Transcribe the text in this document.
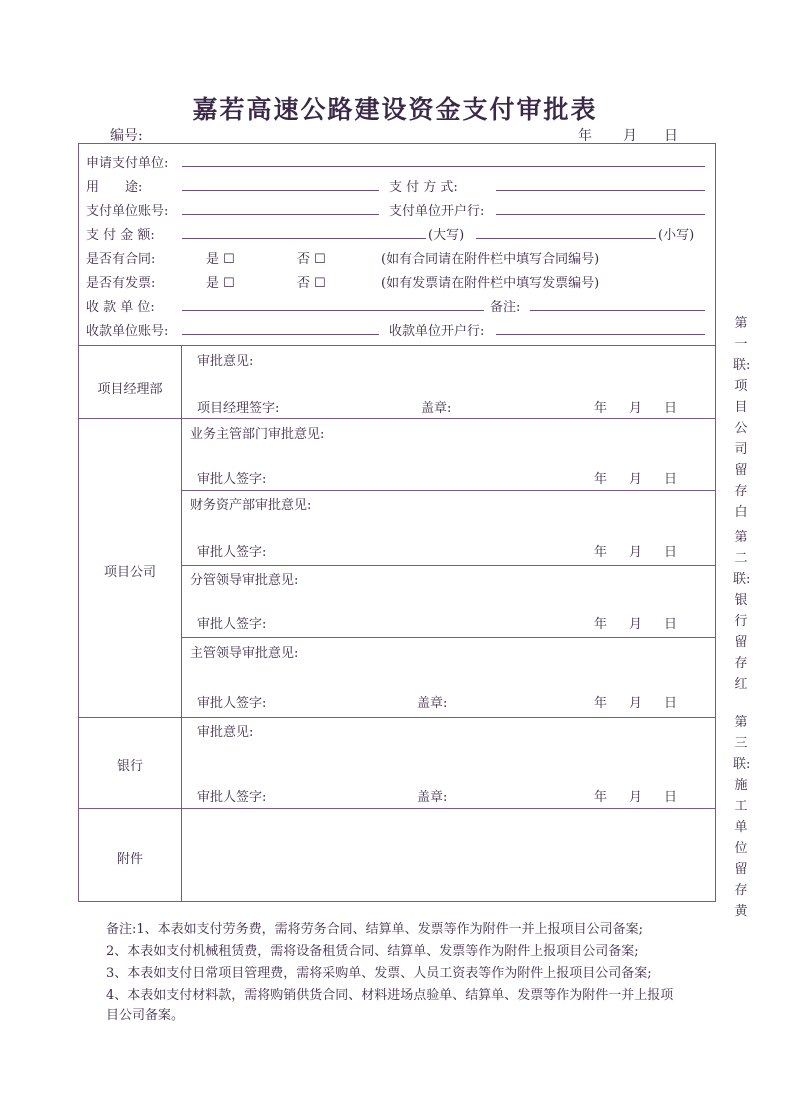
嘉若高速公路建设资金支付审批表
编号:	年 月 日
申请支付单位:
用　　途:	支 付 方 式:
支付单位账号:	支付单位开户行:
支 付 金 额:	(大写)	(小写)
是否有合同:	是 ☐	否 ☐	(如有合同请在附件栏中填写合同编号)
是否有发票:	是 ☐	否 ☐	(如有发票请在附件栏中填写发票编号)
收 款 单 位:	备注:
收款单位账号:	收款单位开户行:
项目经理部
审批意见:
项目经理签字:	盖章:	年 月 日
项目公司
业务主管部门审批意见:
审批人签字:	年 月 日
财务资产部审批意见:
审批人签字:	年 月 日
分管领导审批意见:
审批人签字:	年 月 日
主管领导审批意见:
审批人签字:	盖章:	年 月 日
银行
审批意见:
审批人签字:	盖章:	年 月 日
附件
第一联:项目公司留存　白
第二联:银行留存　红
第三联:施工单位留存　黄
备注:1、本表如支付劳务费，需将劳务合同、结算单、发票等作为附件一并上报项目公司备案;
2、本表如支付机械租赁费，需将设备租赁合同、结算单、发票等作为附件上报项目公司备案;
3、本表如支付日常项目管理费，需将采购单、发票、人员工资表等作为附件上报项目公司备案;
4、本表如支付材料款，需将购销供货合同、材料进场点验单、结算单、发票等作为附件一并上报项
目公司备案。
